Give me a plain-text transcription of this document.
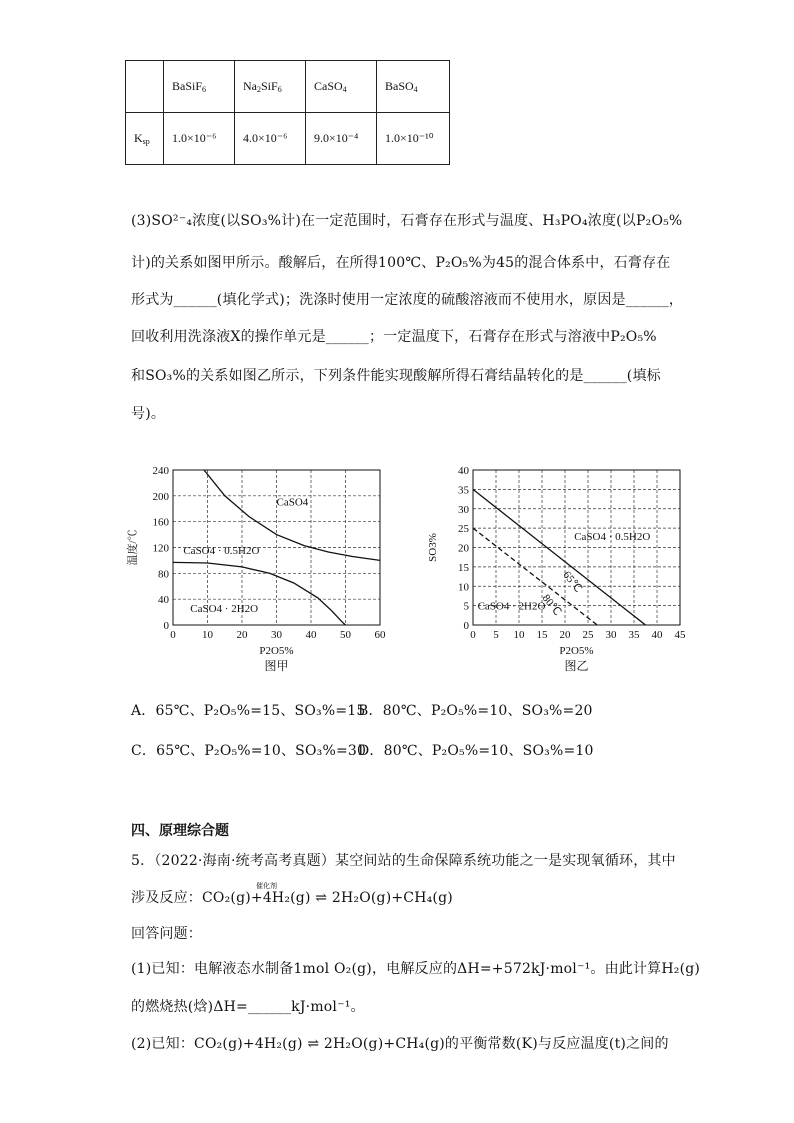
	BaSiF$_6$	$Na_2SiF_6$	CaSO$_4$	BaSO$_4$
$K_{sp}$	1.0×10⁻⁶	4.0×10⁻⁶	9.0×10⁻⁴	1.0×10⁻¹⁰
(3)SO²⁻₄浓度(以SO₃%计)在一定范围时，石膏存在形式与温度、H₃PO₄浓度(以P₂O₅%
计)的关系如图甲所示。酸解后，在所得100℃、P₂O₅%为45的混合体系中，石膏存在
形式为______(填化学式)；洗涤时使用一定浓度的硫酸溶液而不使用水，原因是______，
回收利用洗涤液X的操作单元是______；一定温度下，石膏存在形式与溶液中P₂O₅%
和SO₃%的关系如图乙所示，下列条件能实现酸解所得石膏结晶转化的是______(填标
号)。
0 10 20 30 40 50 60
0
40
80
120
160
200
240
P2O5%
图甲
温度/℃
CaSO4
CaSO4 · 0.5H2O
CaSO4 · 2H2O
0 5 10 15 20 25 30 35 40 45
0
5
10
15
20
25
30
35
40
P2O5%
图乙
SO3%	CaSO4 · 0.5H2O
CaSO4 · 2H2O
65℃
80℃
A．65℃、P₂O₅%=15、SO₃%=15
B．80℃、P₂O₅%=10、SO₃%=20
C．65℃、P₂O₅%=10、SO₃%=30
D．80℃、P₂O₅%=10、SO₃%=10
四、原理综合题
5．（2022·海南·统考高考真题）某空间站的生命保障系统功能之一是实现氧循环，其中
涉及反应：CO₂(g)+4H₂(g) ⇌ 2H₂O(g)+CH₄(g)
催化剂
回答问题：
(1)已知：电解液态水制备1mol O₂(g)，电解反应的ΔH=+572kJ·mol⁻¹。由此计算H₂(g)
的燃烧热(焓)ΔH=______kJ·mol⁻¹。
(2)已知：CO₂(g)+4H₂(g) ⇌ 2H₂O(g)+CH₄(g)的平衡常数(K)与反应温度(t)之间的
